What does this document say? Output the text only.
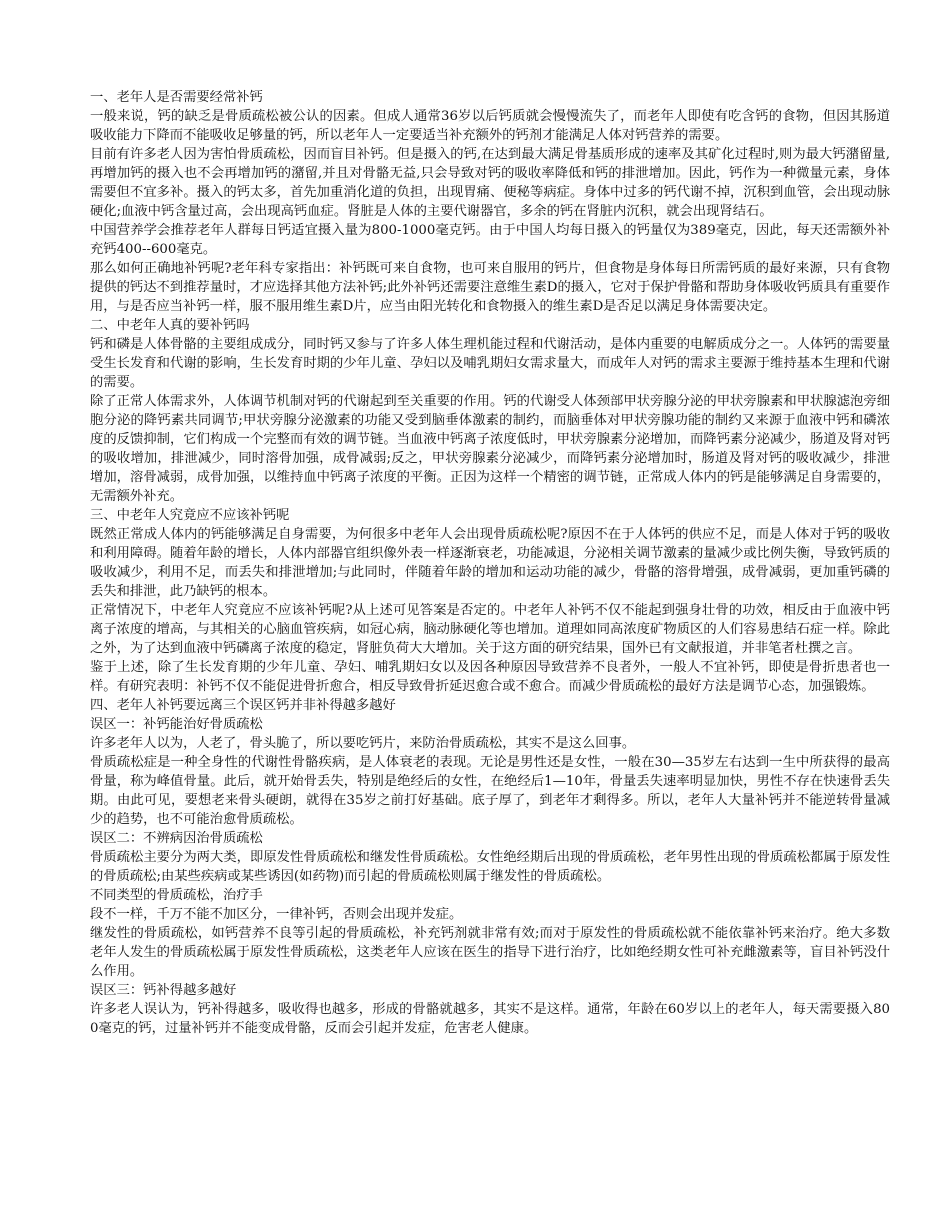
一、老年人是否需要经常补钙

一般来说，钙的缺乏是骨质疏松被公认的因素。但成人通常36岁以后钙质就会慢慢流失了，而老年人即使有吃含钙的食物，但因其肠道吸收能力下降而不能吸收足够量的钙，所以老年人一定要适当补充额外的钙剂才能满足人体对钙营养的需要。

目前有许多老人因为害怕骨质疏松，因而盲目补钙。但是摄入的钙,在达到最大满足骨基质形成的速率及其矿化过程时,则为最大钙潴留量,再增加钙的摄入也不会再增加钙的潴留,并且对骨骼无益,只会导致对钙的吸收率降低和钙的排泄增加。因此，钙作为一种微量元素，身体需要但不宜多补。摄入的钙太多，首先加重消化道的负担，出现胃痛、便秘等病症。身体中过多的钙代谢不掉，沉积到血管，会出现动脉硬化;血液中钙含量过高，会出现高钙血症。肾脏是人体的主要代谢器官，多余的钙在肾脏内沉积，就会出现肾结石。

中国营养学会推荐老年人群每日钙适宜摄入量为800-1000毫克钙。由于中国人均每日摄入的钙量仅为389毫克，因此，每天还需额外补充钙400--600毫克。

那么如何正确地补钙呢?老年科专家指出：补钙既可来自食物，也可来自服用的钙片，但食物是身体每日所需钙质的最好来源，只有食物提供的钙达不到推荐量时，才应选择其他方法补钙;此外补钙还需要注意维生素D的摄入，它对于保护骨骼和帮助身体吸收钙质具有重要作用，与是否应当补钙一样，服不服用维生素D片，应当由阳光转化和食物摄入的维生素D是否足以满足身体需要决定。

二、中老年人真的要补钙吗

钙和磷是人体骨骼的主要组成成分，同时钙又参与了许多人体生理机能过程和代谢活动，是体内重要的电解质成分之一。人体钙的需要量受生长发育和代谢的影响，生长发育时期的少年儿童、孕妇以及哺乳期妇女需求量大，而成年人对钙的需求主要源于维持基本生理和代谢的需要。

除了正常人体需求外，人体调节机制对钙的代谢起到至关重要的作用。钙的代谢受人体颈部甲状旁腺分泌的甲状旁腺素和甲状腺滤泡旁细胞分泌的降钙素共同调节;甲状旁腺分泌激素的功能又受到脑垂体激素的制约，而脑垂体对甲状旁腺功能的制约又来源于血液中钙和磷浓度的反馈抑制，它们构成一个完整而有效的调节链。当血液中钙离子浓度低时，甲状旁腺素分泌增加，而降钙素分泌减少，肠道及肾对钙的吸收增加，排泄减少，同时溶骨加强，成骨减弱;反之，甲状旁腺素分泌减少，而降钙素分泌增加时，肠道及肾对钙的吸收减少，排泄增加，溶骨减弱，成骨加强，以维持血中钙离子浓度的平衡。正因为这样一个精密的调节链，正常成人体内的钙是能够满足自身需要的，无需额外补充。

三、中老年人究竟应不应该补钙呢

既然正常成人体内的钙能够满足自身需要，为何很多中老年人会出现骨质疏松呢?原因不在于人体钙的供应不足，而是人体对于钙的吸收和利用障碍。随着年龄的增长，人体内部器官组织像外表一样逐渐衰老，功能减退，分泌相关调节激素的量减少或比例失衡，导致钙质的吸收减少，利用不足，而丢失和排泄增加;与此同时，伴随着年龄的增加和运动功能的减少，骨骼的溶骨增强，成骨减弱，更加重钙磷的丢失和排泄，此乃缺钙的根本。

正常情况下，中老年人究竟应不应该补钙呢?从上述可见答案是否定的。中老年人补钙不仅不能起到强身壮骨的功效，相反由于血液中钙离子浓度的增高，与其相关的心脑血管疾病，如冠心病，脑动脉硬化等也增加。道理如同高浓度矿物质区的人们容易患结石症一样。除此之外，为了达到血液中钙磷离子浓度的稳定，肾脏负荷大大增加。关于这方面的研究结果，国外已有文献报道，并非笔者杜撰之言。

鉴于上述，除了生长发育期的少年儿童、孕妇、哺乳期妇女以及因各种原因导致营养不良者外，一般人不宜补钙，即使是骨折患者也一样。有研究表明：补钙不仅不能促进骨折愈合，相反导致骨折延迟愈合或不愈合。而减少骨质疏松的最好方法是调节心态，加强锻炼。

四、老年人补钙要远离三个误区钙并非补得越多越好

误区一：补钙能治好骨质疏松

许多老年人以为，人老了，骨头脆了，所以要吃钙片，来防治骨质疏松，其实不是这么回事。

骨质疏松症是一种全身性的代谢性骨骼疾病，是人体衰老的表现。无论是男性还是女性，一般在30—35岁左右达到一生中所获得的最高骨量，称为峰值骨量。此后，就开始骨丢失，特别是绝经后的女性，在绝经后1—10年，骨量丢失速率明显加快，男性不存在快速骨丢失期。由此可见，要想老来骨头硬朗，就得在35岁之前打好基础。底子厚了，到老年才剩得多。所以，老年人大量补钙并不能逆转骨量减少的趋势，也不可能治愈骨质疏松。

误区二：不辨病因治骨质疏松

骨质疏松主要分为两大类，即原发性骨质疏松和继发性骨质疏松。女性绝经期后出现的骨质疏松，老年男性出现的骨质疏松都属于原发性的骨质疏松;由某些疾病或某些诱因(如药物)而引起的骨质疏松则属于继发性的骨质疏松。

不同类型的骨质疏松，治疗手

段不一样，千万不能不加区分，一律补钙，否则会出现并发症。

继发性的骨质疏松，如钙营养不良等引起的骨质疏松，补充钙剂就非常有效;而对于原发性的骨质疏松就不能依靠补钙来治疗。绝大多数老年人发生的骨质疏松属于原发性骨质疏松，这类老年人应该在医生的指导下进行治疗，比如绝经期女性可补充雌激素等，盲目补钙没什么作用。

误区三：钙补得越多越好

许多老人误认为，钙补得越多，吸收得也越多，形成的骨骼就越多，其实不是这样。通常，年龄在60岁以上的老年人，每天需要摄入800毫克的钙，过量补钙并不能变成骨骼，反而会引起并发症，危害老人健康。
